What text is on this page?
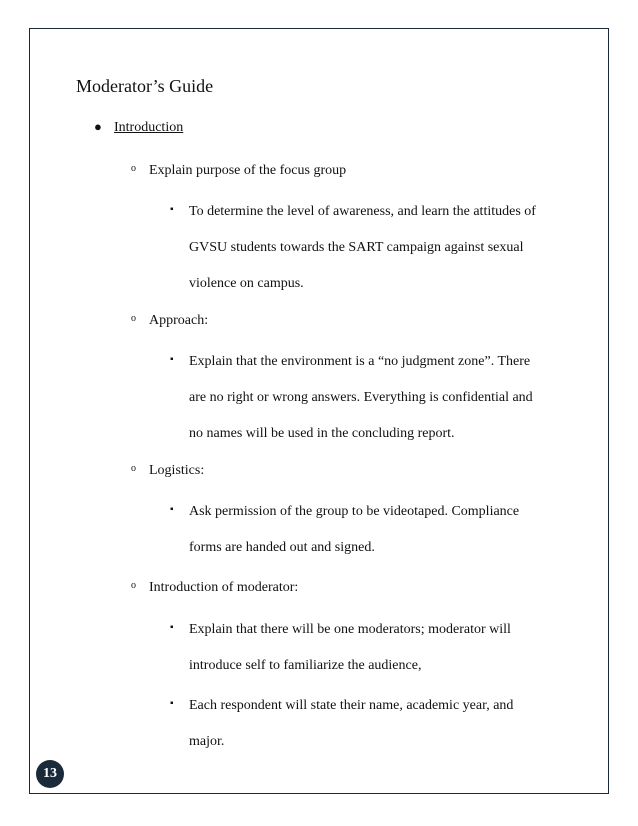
Moderator’s Guide
● Introduction
o Explain purpose of the focus group
▪ To determine the level of awareness, and learn the attitudes of
GVSU students towards the SART campaign against sexual
violence on campus.
o Approach:
▪ Explain that the environment is a “no judgment zone”. There
are no right or wrong answers. Everything is confidential and
no names will be used in the concluding report.
o Logistics:
▪ Ask permission of the group to be videotaped. Compliance
forms are handed out and signed.
o Introduction of moderator:
▪ Explain that there will be one moderators; moderator will
introduce self to familiarize the audience,
▪ Each respondent will state their name, academic year, and
major.
13
